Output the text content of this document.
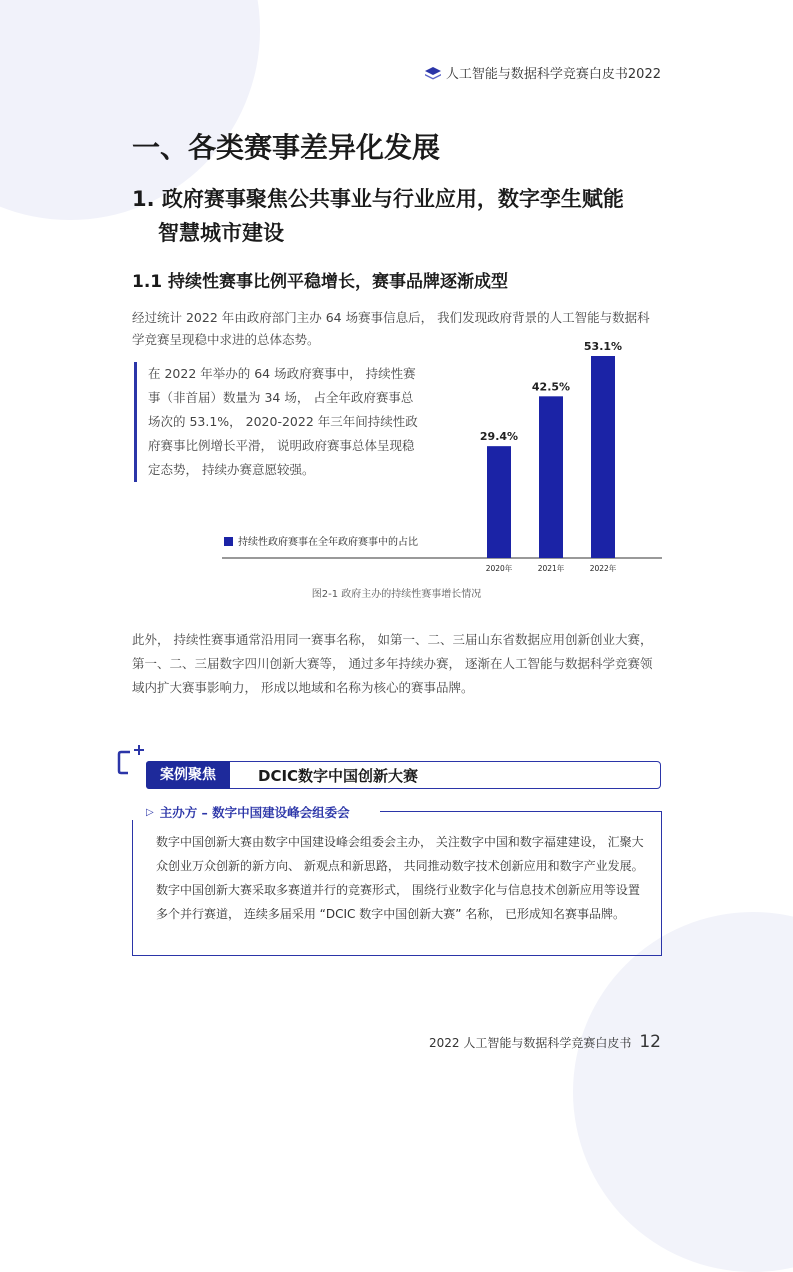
人工智能与数据科学竞赛白皮书2022
一、各类赛事差异化发展
1. 政府赛事聚焦公共事业与行业应用，数字孪生赋能
智慧城市建设
1.1 持续性赛事比例平稳增长，赛事品牌逐渐成型
经过统计 2022 年由政府部门主办 64 场赛事信息后， 我们发现政府背景的人工智能与数据科学竞赛呈现稳中求进的总体态势。
在 2022 年举办的 64 场政府赛事中， 持续性赛事（非首届）数量为 34 场， 占全年政府赛事总场次的 53.1%， 2020-2022 年三年间持续性政府赛事比例增长平滑， 说明政府赛事总体呈现稳定态势， 持续办赛意愿较强。
持续性政府赛事在全年政府赛事中的占比
29.4%
2020年
42.5%
2021年
53.1%
2022年
图2-1 政府主办的持续性赛事增长情况
此外， 持续性赛事通常沿用同一赛事名称， 如第一、二、三届山东省数据应用创新创业大赛， 第一、二、三届数字四川创新大赛等， 通过多年持续办赛， 逐渐在人工智能与数据科学竞赛领域内扩大赛事影响力， 形成以地域和名称为核心的赛事品牌。
案例聚焦	DCIC数字中国创新大赛
▷ 主办方 – 数字中国建设峰会组委会
数字中国创新大赛由数字中国建设峰会组委会主办， 关注数字中国和数字福建建设， 汇聚大众创业万众创新的新方向、 新观点和新思路， 共同推动数字技术创新应用和数字产业发展。数字中国创新大赛采取多赛道并行的竞赛形式， 围绕行业数字化与信息技术创新应用等设置多个并行赛道， 连续多届采用 “DCIC 数字中国创新大赛” 名称， 已形成知名赛事品牌。
2022 人工智能与数据科学竞赛白皮书 12
